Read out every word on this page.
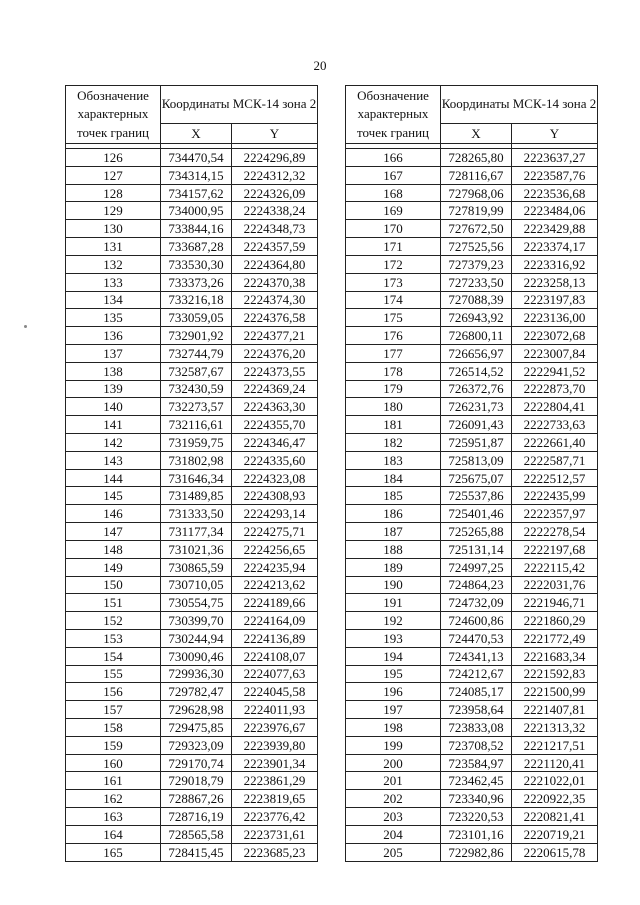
20
Обозначение характерных точек границ	Координаты МСК-14 зона 2	
	X	Y

126	734470,54	2224296,89
127	734314,15	2224312,32
128	734157,62	2224326,09
129	734000,95	2224338,24
130	733844,16	2224348,73
131	733687,28	2224357,59
132	733530,30	2224364,80
133	733373,26	2224370,38
134	733216,18	2224374,30
135	733059,05	2224376,58
136	732901,92	2224377,21
137	732744,79	2224376,20
138	732587,67	2224373,55
139	732430,59	2224369,24
140	732273,57	2224363,30
141	732116,61	2224355,70
142	731959,75	2224346,47
143	731802,98	2224335,60
144	731646,34	2224323,08
145	731489,85	2224308,93
146	731333,50	2224293,14
147	731177,34	2224275,71
148	731021,36	2224256,65
149	730865,59	2224235,94
150	730710,05	2224213,62
151	730554,75	2224189,66
152	730399,70	2224164,09
153	730244,94	2224136,89
154	730090,46	2224108,07
155	729936,30	2224077,63
156	729782,47	2224045,58
157	729628,98	2224011,93
158	729475,85	2223976,67
159	729323,09	2223939,80
160	729170,74	2223901,34
161	729018,79	2223861,29
162	728867,26	2223819,65
163	728716,19	2223776,42
164	728565,58	2223731,61
165	728415,45	2223685,23
Обозначение характерных точек границ	Координаты МСК-14 зона 2	
	X	Y

166	728265,80	2223637,27
167	728116,67	2223587,76
168	727968,06	2223536,68
169	727819,99	2223484,06
170	727672,50	2223429,88
171	727525,56	2223374,17
172	727379,23	2223316,92
173	727233,50	2223258,13
174	727088,39	2223197,83
175	726943,92	2223136,00
176	726800,11	2223072,68
177	726656,97	2223007,84
178	726514,52	2222941,52
179	726372,76	2222873,70
180	726231,73	2222804,41
181	726091,43	2222733,63
182	725951,87	2222661,40
183	725813,09	2222587,71
184	725675,07	2222512,57
185	725537,86	2222435,99
186	725401,46	2222357,97
187	725265,88	2222278,54
188	725131,14	2222197,68
189	724997,25	2222115,42
190	724864,23	2222031,76
191	724732,09	2221946,71
192	724600,86	2221860,29
193	724470,53	2221772,49
194	724341,13	2221683,34
195	724212,67	2221592,83
196	724085,17	2221500,99
197	723958,64	2221407,81
198	723833,08	2221313,32
199	723708,52	2221217,51
200	723584,97	2221120,41
201	723462,45	2221022,01
202	723340,96	2220922,35
203	723220,53	2220821,41
204	723101,16	2220719,21
205	722982,86	2220615,78
